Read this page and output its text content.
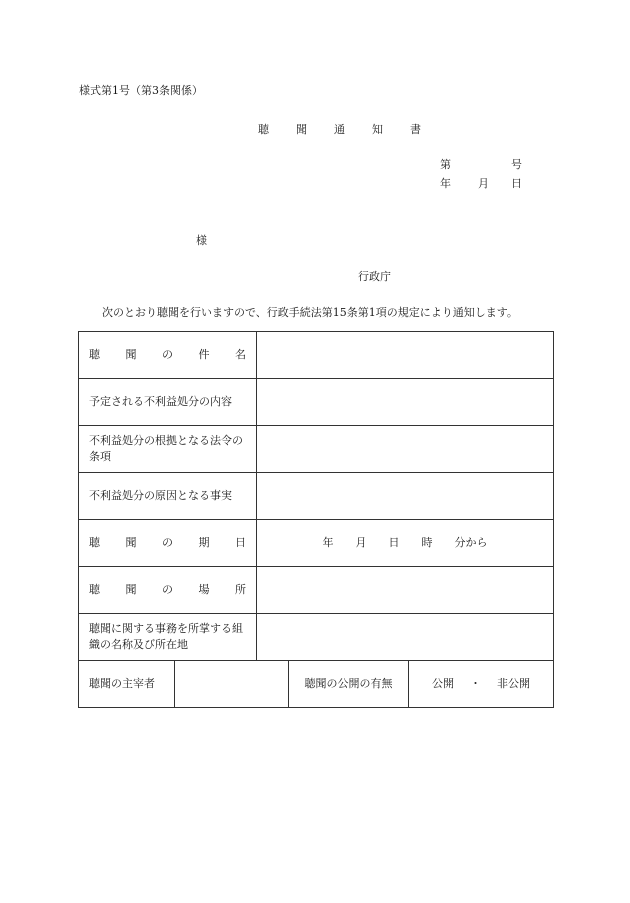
様式第1号（第3条関係）
聴　聞　通　知　書
第	号
年 月 日
様
行政庁
次のとおり聴聞を行いますので、行政手続法第15条第1項の規定により通知します。
聴 聞 の 件 名				

予定される不利益処分の内容				
不利益処分の根拠となる法令の条項				
不利益処分の原因となる事実				

聴 聞 の 期 日		年 月 日 時 分から		

聴 聞 の 場 所				

聴聞に関する事務を所掌する組織の名称及び所在地				
聴聞の主宰者			聴聞の公開の有無	公開 ・ 非公開
